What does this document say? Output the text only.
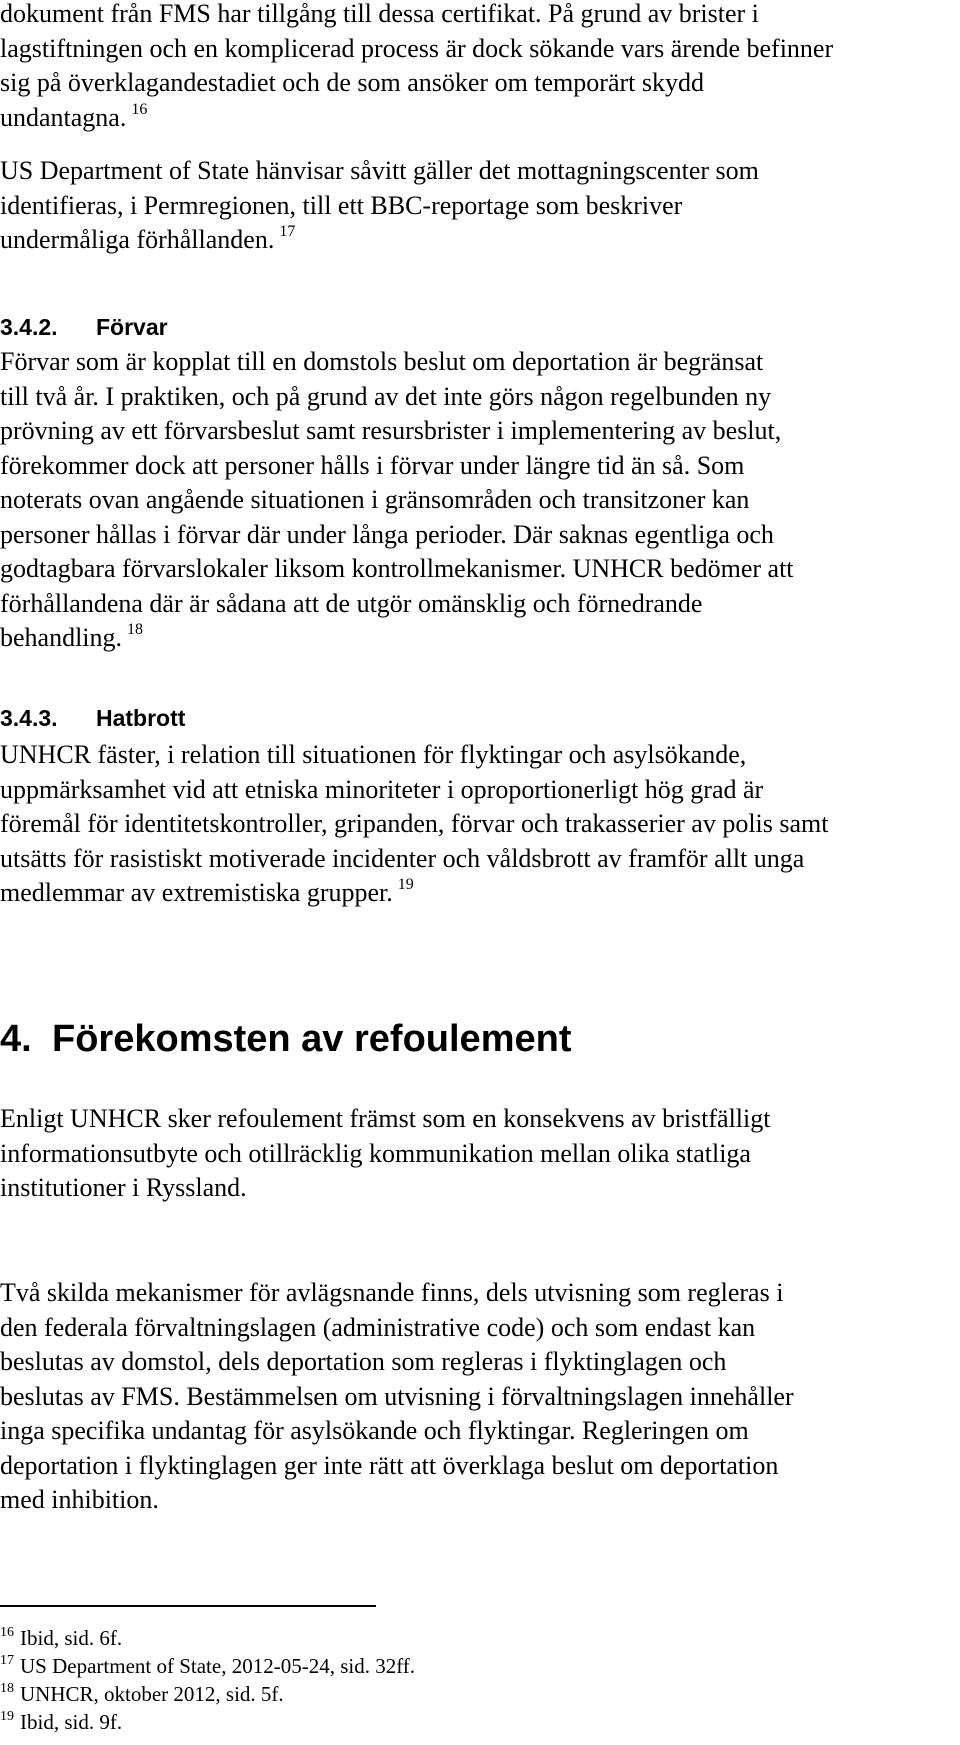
dokument från FMS har tillgång till dessa certifikat. På grund av brister i
lagstiftningen och en komplicerad process är dock sökande vars ärende befinner
sig på överklagandestadiet och de som ansöker om temporärt skydd
undantagna. $^{16}$

US Department of State hänvisar såvitt gäller det mottagningscenter som
identifieras, i Permregionen, till ett BBC-reportage som beskriver
undermåliga förhållanden. $^{17}$

3.4.2. Förvar

Förvar som är kopplat till en domstols beslut om deportation är begränsat
till två år. I praktiken, och på grund av det inte görs någon regelbunden ny
prövning av ett förvarsbeslut samt resursbrister i implementering av beslut,
förekommer dock att personer hålls i förvar under längre tid än så. Som
noterats ovan angående situationen i gränsområden och transitzoner kan
personer hållas i förvar där under långa perioder. Där saknas egentliga och
godtagbara förvarslokaler liksom kontrollmekanismer. UNHCR bedömer att
förhållandena där är sådana att de utgör omänsklig och förnedrande
behandling. $^{18}$

3.4.3. Hatbrott

UNHCR fäster, i relation till situationen för flyktingar och asylsökande,
uppmärksamhet vid att etniska minoriteter i oproportionerligt hög grad är
föremål för identitetskontroller, gripanden, förvar och trakasserier av polis samt
utsätts för rasistiskt motiverade incidenter och våldsbrott av framför allt unga
medlemmar av extremistiska grupper. $^{19}$

4. Förekomsten av refoulement

Enligt UNHCR sker refoulement främst som en konsekvens av bristfälligt
informationsutbyte och otillräcklig kommunikation mellan olika statliga
institutioner i Ryssland.

Två skilda mekanismer för avlägsnande finns, dels utvisning som regleras i
den federala förvaltningslagen (administrative code) och som endast kan
beslutas av domstol, dels deportation som regleras i flyktinglagen och
beslutas av FMS. Bestämmelsen om utvisning i förvaltningslagen innehåller
inga specifika undantag för asylsökande och flyktingar. Regleringen om
deportation i flyktinglagen ger inte rätt att överklaga beslut om deportation
med inhibition.

$^{16}$ Ibid, sid. 6f.

$^{17}$ US Department of State, 2012-05-24, sid. 32ff.

$^{18}$ UNHCR, oktober 2012, sid. 5f.

$^{19}$ Ibid, sid. 9f.
